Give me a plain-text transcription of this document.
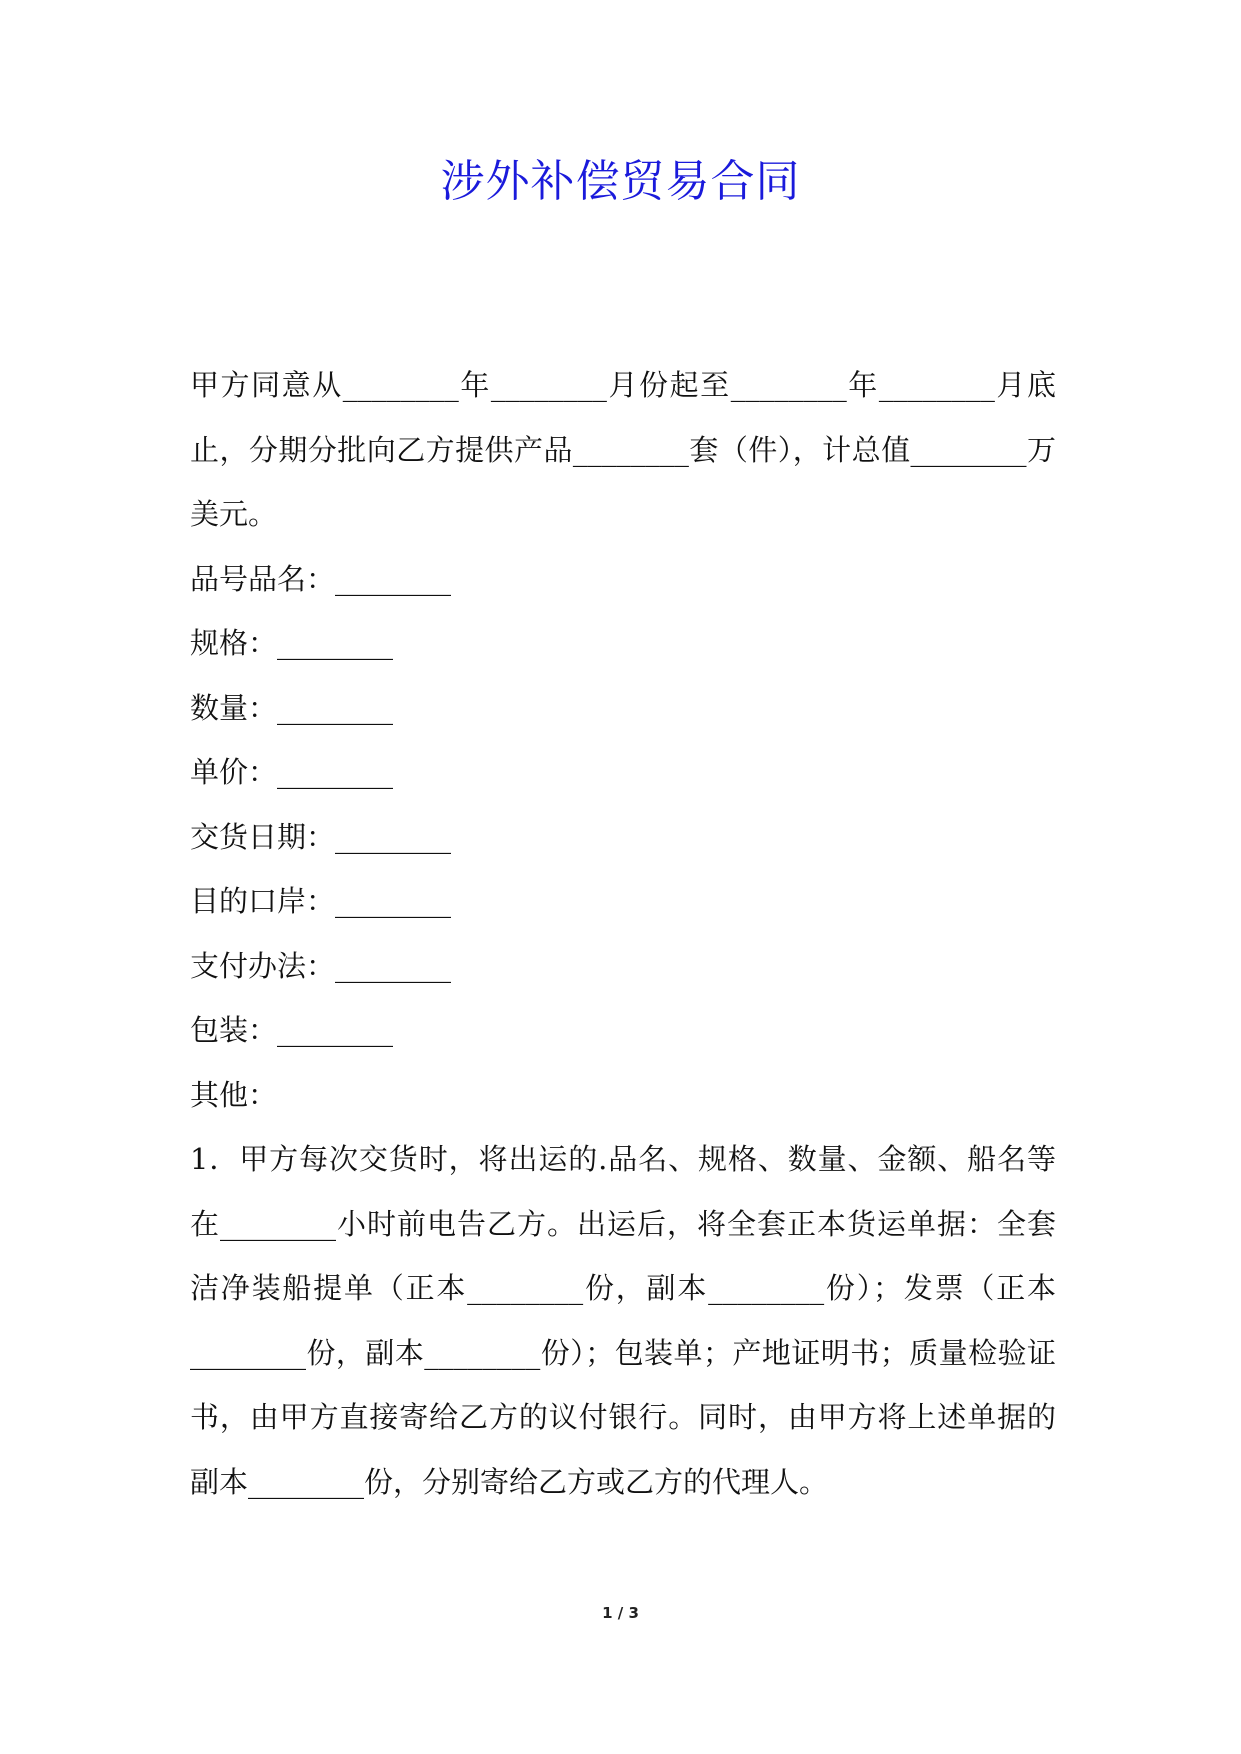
涉外补偿贸易合同

甲方同意从________年________月份起至________年________月底止，分期分批向乙方提供产品________套（件），计总值________万美元。

品号品名：________

规格：________

数量：________

单价：________

交货日期：________

目的口岸：________

支付办法：________

包装：________

其他：

1．甲方每次交货时，将出运的.品名、规格、数量、金额、船名等在________小时前电告乙方。出运后，将全套正本货运单据：全套洁净装船提单（正本________份，副本________份）；发票（正本________份，副本________份）；包装单；产地证明书；质量检验证书，由甲方直接寄给乙方的议付银行。同时，由甲方将上述单据的副本________份，分别寄给乙方或乙方的代理人。

1 / 3
